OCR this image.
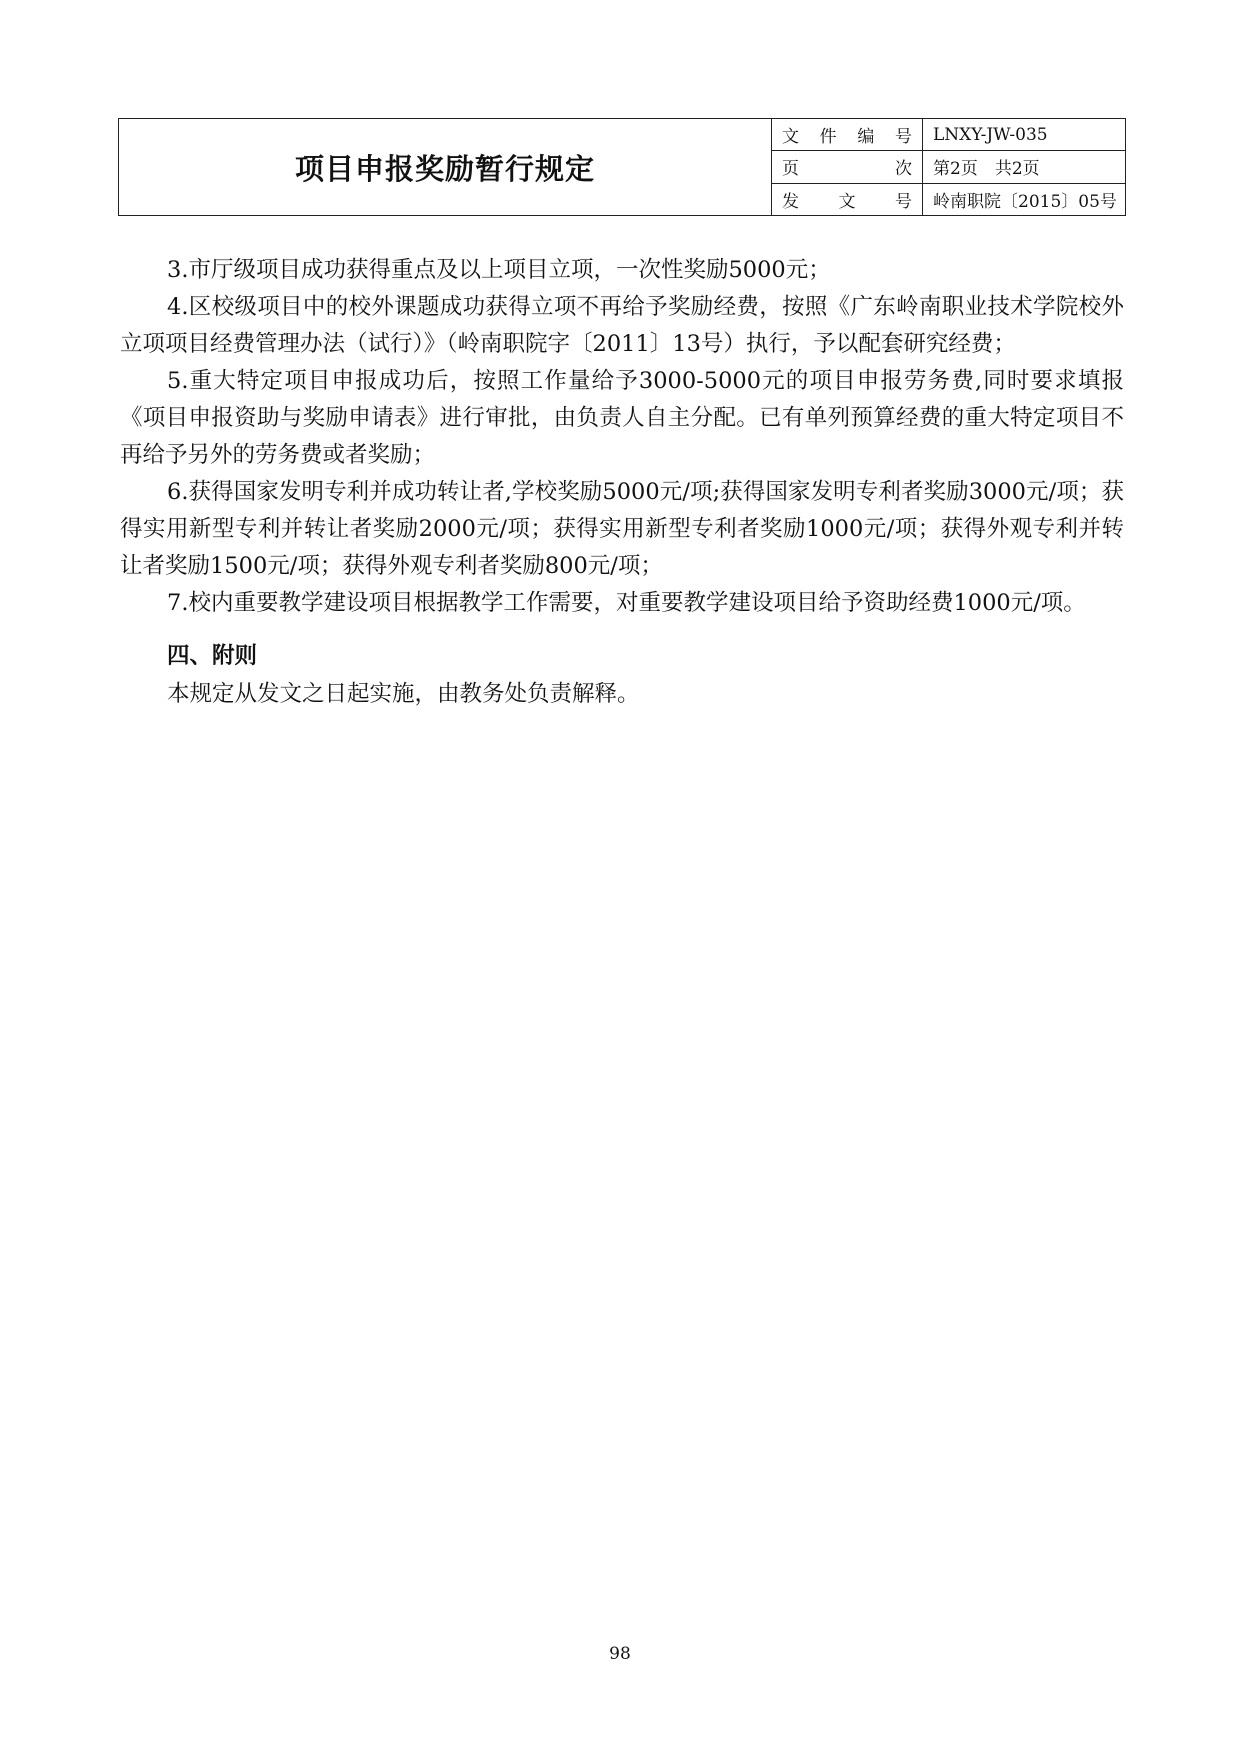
项目申报奖励暂行规定	文 件 编 号	LNXY-JW-035

	页 次	第2页　共2页

	发 文 号	岭南职院〔2015〕05号

3.市厅级项目成功获得重点及以上项目立项，一次性奖励5000元；

4.区校级项目中的校外课题成功获得立项不再给予奖励经费，按照《广东岭南职业技术学院校外立项项目经费管理办法（试行）》（岭南职院字〔2011〕13号）执行，予以配套研究经费；

5.重大特定项目申报成功后，按照工作量给予3000-5000元的项目申报劳务费,同时要求填报《项目申报资助与奖励申请表》进行审批，由负责人自主分配。已有单列预算经费的重大特定项目不再给予另外的劳务费或者奖励；

6.获得国家发明专利并成功转让者,学校奖励5000元/项;获得国家发明专利者奖励3000元/项；获得实用新型专利并转让者奖励2000元/项；获得实用新型专利者奖励1000元/项；获得外观专利并转让者奖励1500元/项；获得外观专利者奖励800元/项；

7.校内重要教学建设项目根据教学工作需要，对重要教学建设项目给予资助经费1000元/项。

四、附则

本规定从发文之日起实施，由教务处负责解释。

98
